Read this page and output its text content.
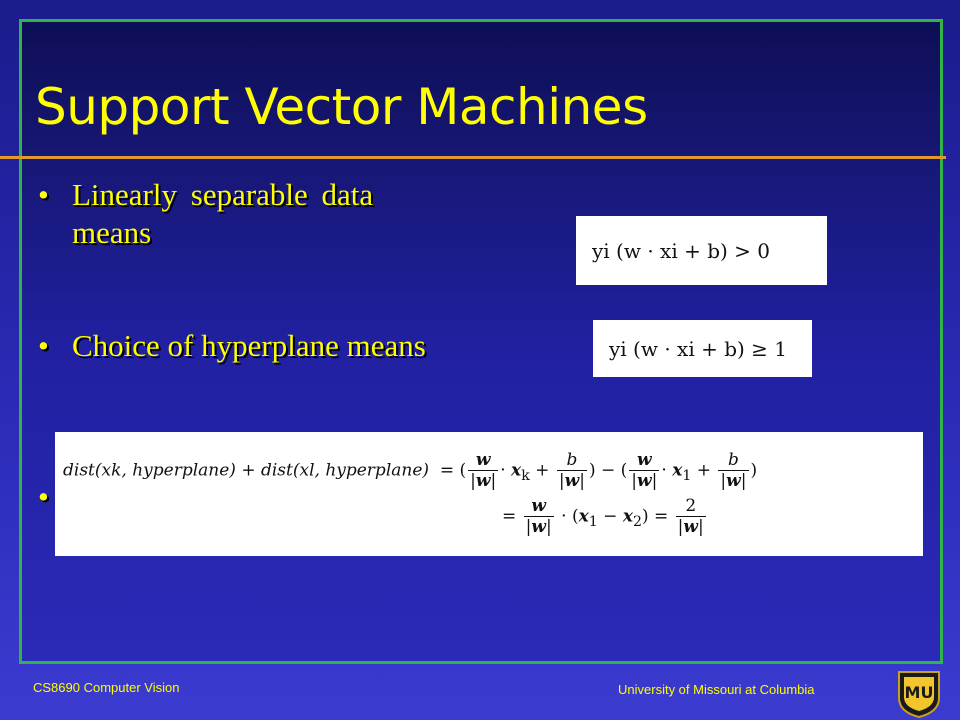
Support Vector Machines
• Linearly separable data means
• Choice of hyperplane means
•
yi (w · xi + b) > 0
yi (w · xi + b) ≥ 1
dist(xk, hyperplane) + dist(xl, hyperplane)  = ( $\frac{w}{|w|} \cdot x_k + \frac{b}{|w|}$ ) − ( $\frac{w}{|w|} \cdot x_1 + \frac{b}{|w|}$ )
= $\frac{w}{|w|} \cdot (x_1 - x_2) = \frac{2}{|w|}$
CS8690 Computer Vision	University of Missouri at Columbia	MU
